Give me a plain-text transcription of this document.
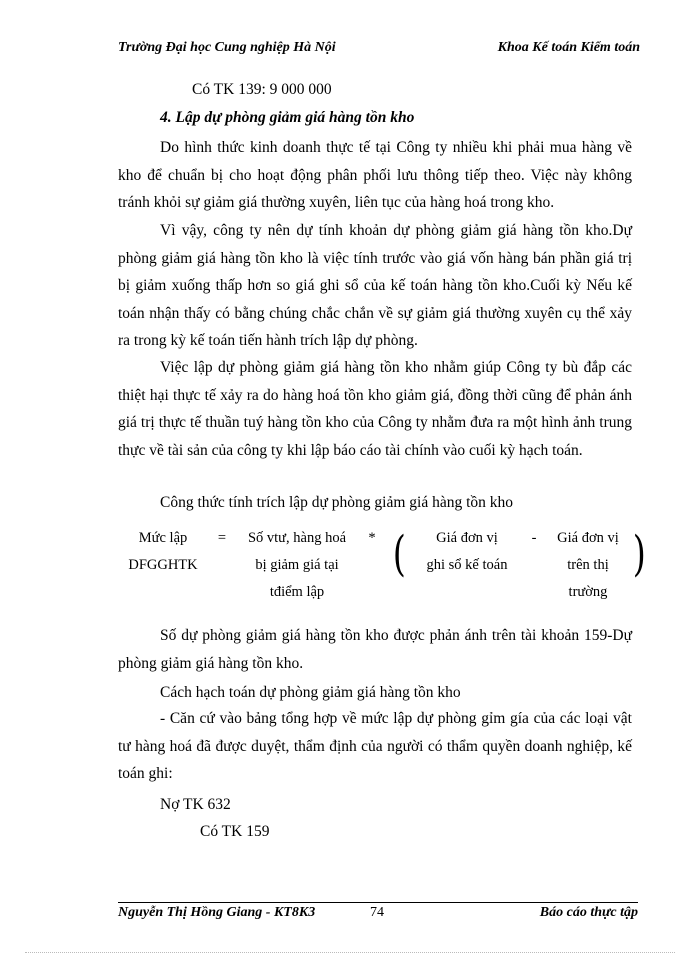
Trường Đại học Cung nghiệp Hà Nội	Khoa Kế toán Kiểm toán
Có TK 139: 9 000 000
4. Lập dự phòng giảm giá hàng tồn kho
Do hình thức kinh doanh thực tế tại Công ty nhiều khi phải mua hàng về kho để chuẩn bị cho hoạt động phân phối lưu thông tiếp theo. Việc này không tránh khỏi sự giảm giá thường xuyên, liên tục của hàng hoá trong kho.
Vì vậy, công ty nên dự tính khoản dự phòng giảm giá hàng tồn kho.Dự phòng giảm giá hàng tồn kho là việc tính trước vào giá vốn hàng bán phần giá trị bị giảm xuống thấp hơn so giá ghi sổ của kế toán hàng tồn kho.Cuối kỳ Nếu kế toán nhận thấy có bằng chúng chắc chắn về sự giảm giá thường xuyên cụ thể xảy ra trong kỳ kế toán tiến hành trích lập dự phòng.
Việc lập dự phòng giảm giá hàng tồn kho nhằm giúp Công ty bù đắp các thiệt hại thực tế xảy ra do hàng hoá tồn kho giảm giá, đồng thời cũng để phản ánh giá trị thực tế thuần tuý hàng tồn kho của Công ty nhằm đưa ra một hình ảnh trung thực về tài sản của công ty khi lập báo cáo tài chính vào cuối kỳ hạch toán.
Công thức tính trích lập dự phòng giảm giá hàng tồn kho
Mức lập
DFGGHTK
=	Số vtư, hàng hoá
bị giảm giá tại
tđiểm lập
* (	Giá đơn vị
ghi sổ kế toán
-	Giá đơn vị
trên thị
trường
)
Số dự phòng giảm giá hàng tồn kho được phản ánh trên tài khoản 159-Dự phòng giảm giá hàng tồn kho.
Cách hạch toán dự phòng giảm giá hàng tồn kho
- Căn cứ vào bảng tổng hợp về mức lập dự phòng gỉm gía của các loại vật tư hàng hoá đã được duyệt, thẩm định của người có thẩm quyền doanh nghiệp, kế toán ghi:
Nợ TK 632
Có TK 159
Nguyễn Thị Hồng Giang - KT8K3	74	Báo cáo thực tập
